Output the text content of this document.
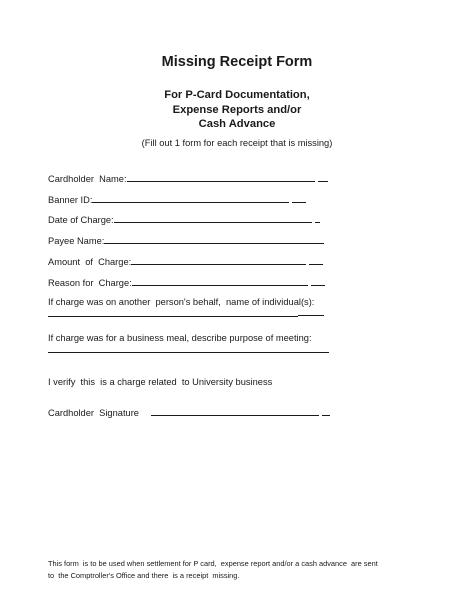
Missing Receipt Form
For P-Card Documentation,
Expense Reports and/or
Cash Advance
(Fill out 1 form for each receipt that is missing)
Cardholder  Name:
Banner ID:
Date of Charge:
Payee Name:
Amount  of  Charge:
Reason for  Charge:
If charge was on another  person's behalf,  name of individual(s):
If charge was for a business meal, describe purpose of meeting:
I verify  this  is a charge related  to University business
Cardholder  Signature
This form  is to be used when settlement for P card,  expense report and/or a cash advance  are sent
to  the Comptroller's Office and there  is a receipt  missing.
